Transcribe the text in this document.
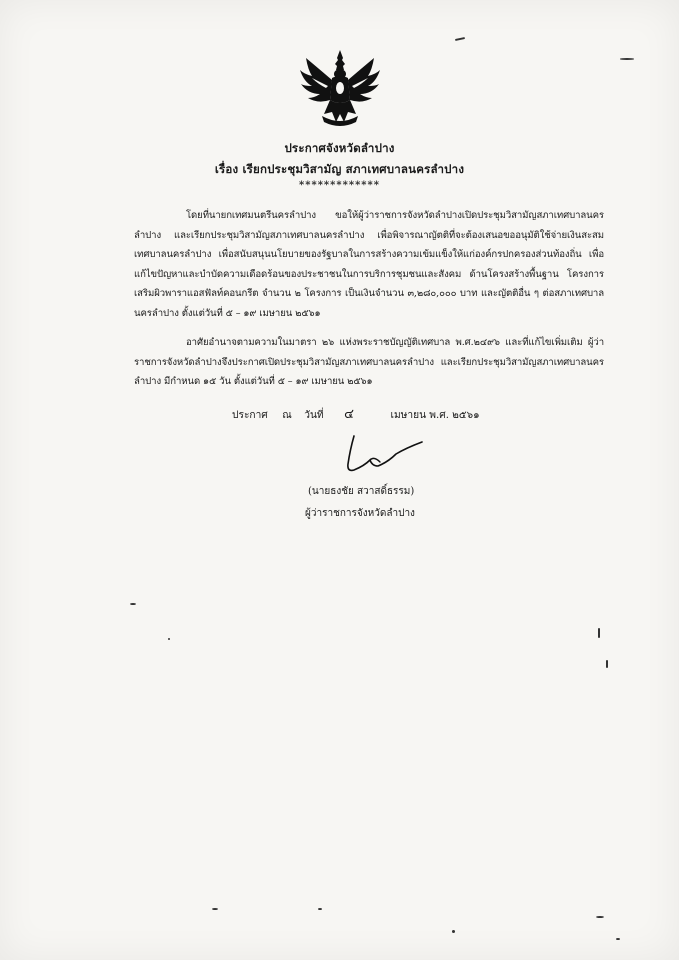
ประกาศจังหวัดลำปาง
เรื่อง เรียกประชุมวิสามัญ สภาเทศบาลนครลำปาง
*************
โดยที่นายกเทศมนตรีนครลำปาง ขอให้ผู้ว่าราชการจังหวัดลำปางเปิดประชุมวิสามัญสภาเทศบาลนครลำปาง และเรียกประชุมวิสามัญสภาเทศบาลนครลำปาง เพื่อพิจารณาญัตติที่จะต้องเสนอขออนุมัติใช้จ่ายเงินสะสมเทศบาลนครลำปาง เพื่อสนับสนุนนโยบายของรัฐบาลในการสร้างความเข้มแข็งให้แก่องค์กรปกครองส่วนท้องถิ่น เพื่อแก้ไขปัญหาและบำบัดความเดือดร้อนของประชาชนในการบริการชุมชนและสังคม ด้านโครงสร้างพื้นฐาน โครงการเสริมผิวพาราแอสฟัลท์คอนกรีต จำนวน ๒ โครงการ เป็นเงินจำนวน ๓,๒๘๐,๐๐๐ บาท และญัตติอื่น ๆ ต่อสภาเทศบาลนครลำปาง ตั้งแต่วันที่ ๕ – ๑๙ เมษายน ๒๕๖๑
อาศัยอำนาจตามความในมาตรา ๒๖ แห่งพระราชบัญญัติเทศบาล พ.ศ.๒๔๙๖ และที่แก้ไขเพิ่มเติม ผู้ว่าราชการจังหวัดลำปางจึงประกาศเปิดประชุมวิสามัญสภาเทศบาลนครลำปาง และเรียกประชุมวิสามัญสภาเทศบาลนครลำปาง มีกำหนด ๑๕ วัน ตั้งแต่วันที่ ๕ – ๑๙ เมษายน ๒๕๖๑
ประกาศ ณ วันที่ ๔	เมษายน พ.ศ. ๒๕๖๑
(นายธงชัย สวาสดิ์ธรรม)
ผู้ว่าราชการจังหวัดลำปาง
